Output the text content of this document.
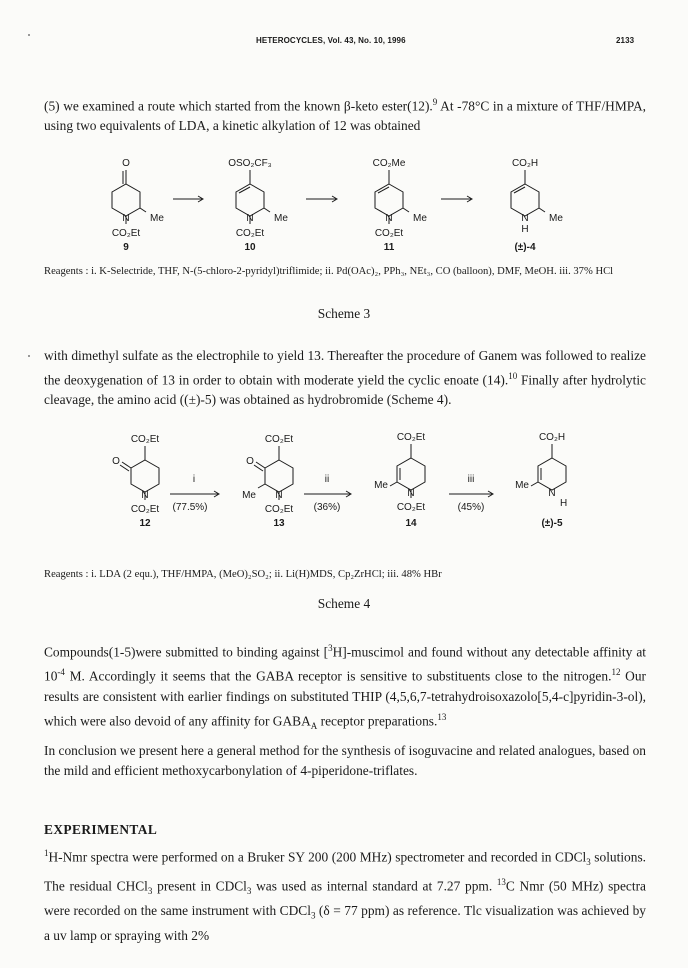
HETEROCYCLES, Vol. 43, No. 10, 1996	2133
(5) we examined a route which started from the known β-keto ester(12).$^9$ At -78°C in a mixture of THF/HMPA, using two equivalents of LDA, a kinetic alkylation of 12 was obtained
O
N Me
CO₂Et
9
OSO₂CF₃
N Me
CO₂Et
10
CO₂Me
N Me
CO₂Et
11
CO₂H
N Me
H
(±)-4
Reagents : i. K-Selectride, THF, N-(5-chloro-2-pyridyl)triflimide; ii. Pd(OAc)₂, PPh₃, NEt₃, CO (balloon), DMF, MeOH. iii. 37% HCl
Scheme 3
with dimethyl sulfate as the electrophile to yield 13. Thereafter the procedure of Ganem was followed to realize the deoxygenation of 13 in order to obtain with moderate yield the cyclic enoate (14).$^{10}$ Finally after hydrolytic cleavage, the amino acid ((±)-5) was obtained as hydrobromide (Scheme 4).
CO₂Et
O
N
CO₂Et
12
CO₂Et
O
N
Me
CO₂Et
13
CO₂Et
N
Me
CO₂Et
14
CO₂H
N
Me
H
(±)-5
i
(77.5%)
ii
(36%)
iii
(45%)
Reagents : i. LDA (2 equ.), THF/HMPA, (MeO)₂SO₂; ii. Li(H)MDS, Cp₂ZrHCl; iii. 48% HBr
Scheme 4
Compounds(1-5)were submitted to binding against [$^3$H]-muscimol and found without any detectable affinity at $10^{-4}$ M. Accordingly it seems that the GABA receptor is sensitive to substituents close to the nitrogen.$^{12}$ Our results are consistent with earlier findings on substituted THIP (4,5,6,7-tetrahydroisoxazolo[5,4-c]pyridin-3-ol), which were also devoid of any affinity for $GABA_A$ receptor preparations.$^{13}$
In conclusion we present here a general method for the synthesis of isoguvacine and related analogues, based on the mild and efficient methoxycarbonylation of 4-piperidone-triflates.
EXPERIMENTAL
$^1$H-Nmr spectra were performed on a Bruker SY 200 (200 MHz) spectrometer and recorded in CDCl$_3$ solutions. The residual CHCl$_3$ present in CDCl$_3$ was used as internal standard at 7.27 ppm. $^{13}$C Nmr (50 MHz) spectra were recorded on the same instrument with CDCl$_3$ (δ = 77 ppm) as reference. Tlc visualization was achieved by a uv lamp or spraying with 2%
